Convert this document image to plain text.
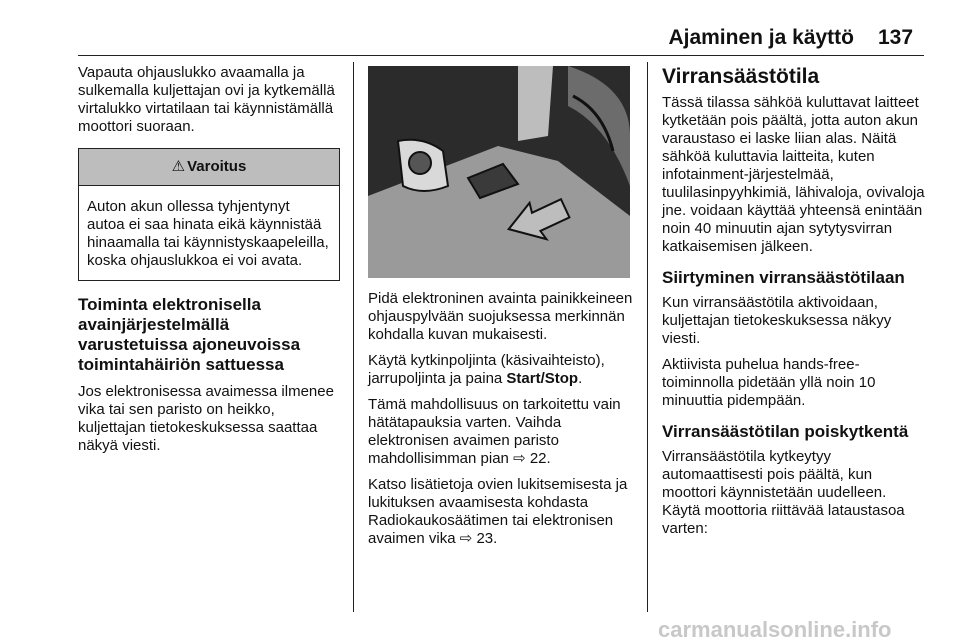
Ajaminen ja käyttö 137

Vapauta ohjauslukko avaamalla ja sulkemalla kuljettajan ovi ja kytkemällä virtalukko virtatilaan tai käynnistämällä moottori suoraan.

⚠ Varoitus
Auton akun ollessa tyhjentynyt autoa ei saa hinata eikä käynnistää hinaamalla tai käynnistyskaapeleilla, koska ohjauslukkoa ei voi avata.
Toiminta elektronisella avainjärjestelmällä varustetuissa ajoneuvoissa toimintahäiriön sattuessa

Jos elektronisessa avaimessa ilmenee vika tai sen paristo on heikko, kuljettajan tietokeskuksessa saattaa näkyä viesti.

Pidä elektroninen avainta painikkeineen ohjauspylvään suojuksessa merkinnän kohdalla kuvan mukaisesti.

Käytä kytkinpoljinta (käsivaihteisto), jarrupoljinta ja paina Start/Stop.

Tämä mahdollisuus on tarkoitettu vain hätätapauksia varten. Vaihda elektronisen avaimen paristo mahdollisimman pian ⇨ 22.

Katso lisätietoja ovien lukitsemisesta ja lukituksen avaamisesta kohdasta Radiokaukosäätimen tai elektronisen avaimen vika ⇨ 23.

Virransäästötila

Tässä tilassa sähköä kuluttavat laitteet kytketään pois päältä, jotta auton akun varaustaso ei laske liian alas. Näitä sähköä kuluttavia laitteita, kuten infotainment-järjestelmää, tuulilasinpyyhkimiä, lähivaloja, ovivaloja jne. voidaan käyttää yhteensä enintään noin 40 minuutin ajan sytytysvirran katkaisemisen jälkeen.

Siirtyminen virransäästötilaan

Kun virransäästötila aktivoidaan, kuljettajan tietokeskuksessa näkyy viesti.

Aktiivista puhelua hands-free-toiminnolla pidetään yllä noin 10 minuuttia pidempään.

Virransäästötilan poiskytkentä

Virransäästötila kytkeytyy automaattisesti pois päältä, kun moottori käynnistetään uudelleen. Käytä moottoria riittävää lataustasoa varten:

carmanualsonline.info
